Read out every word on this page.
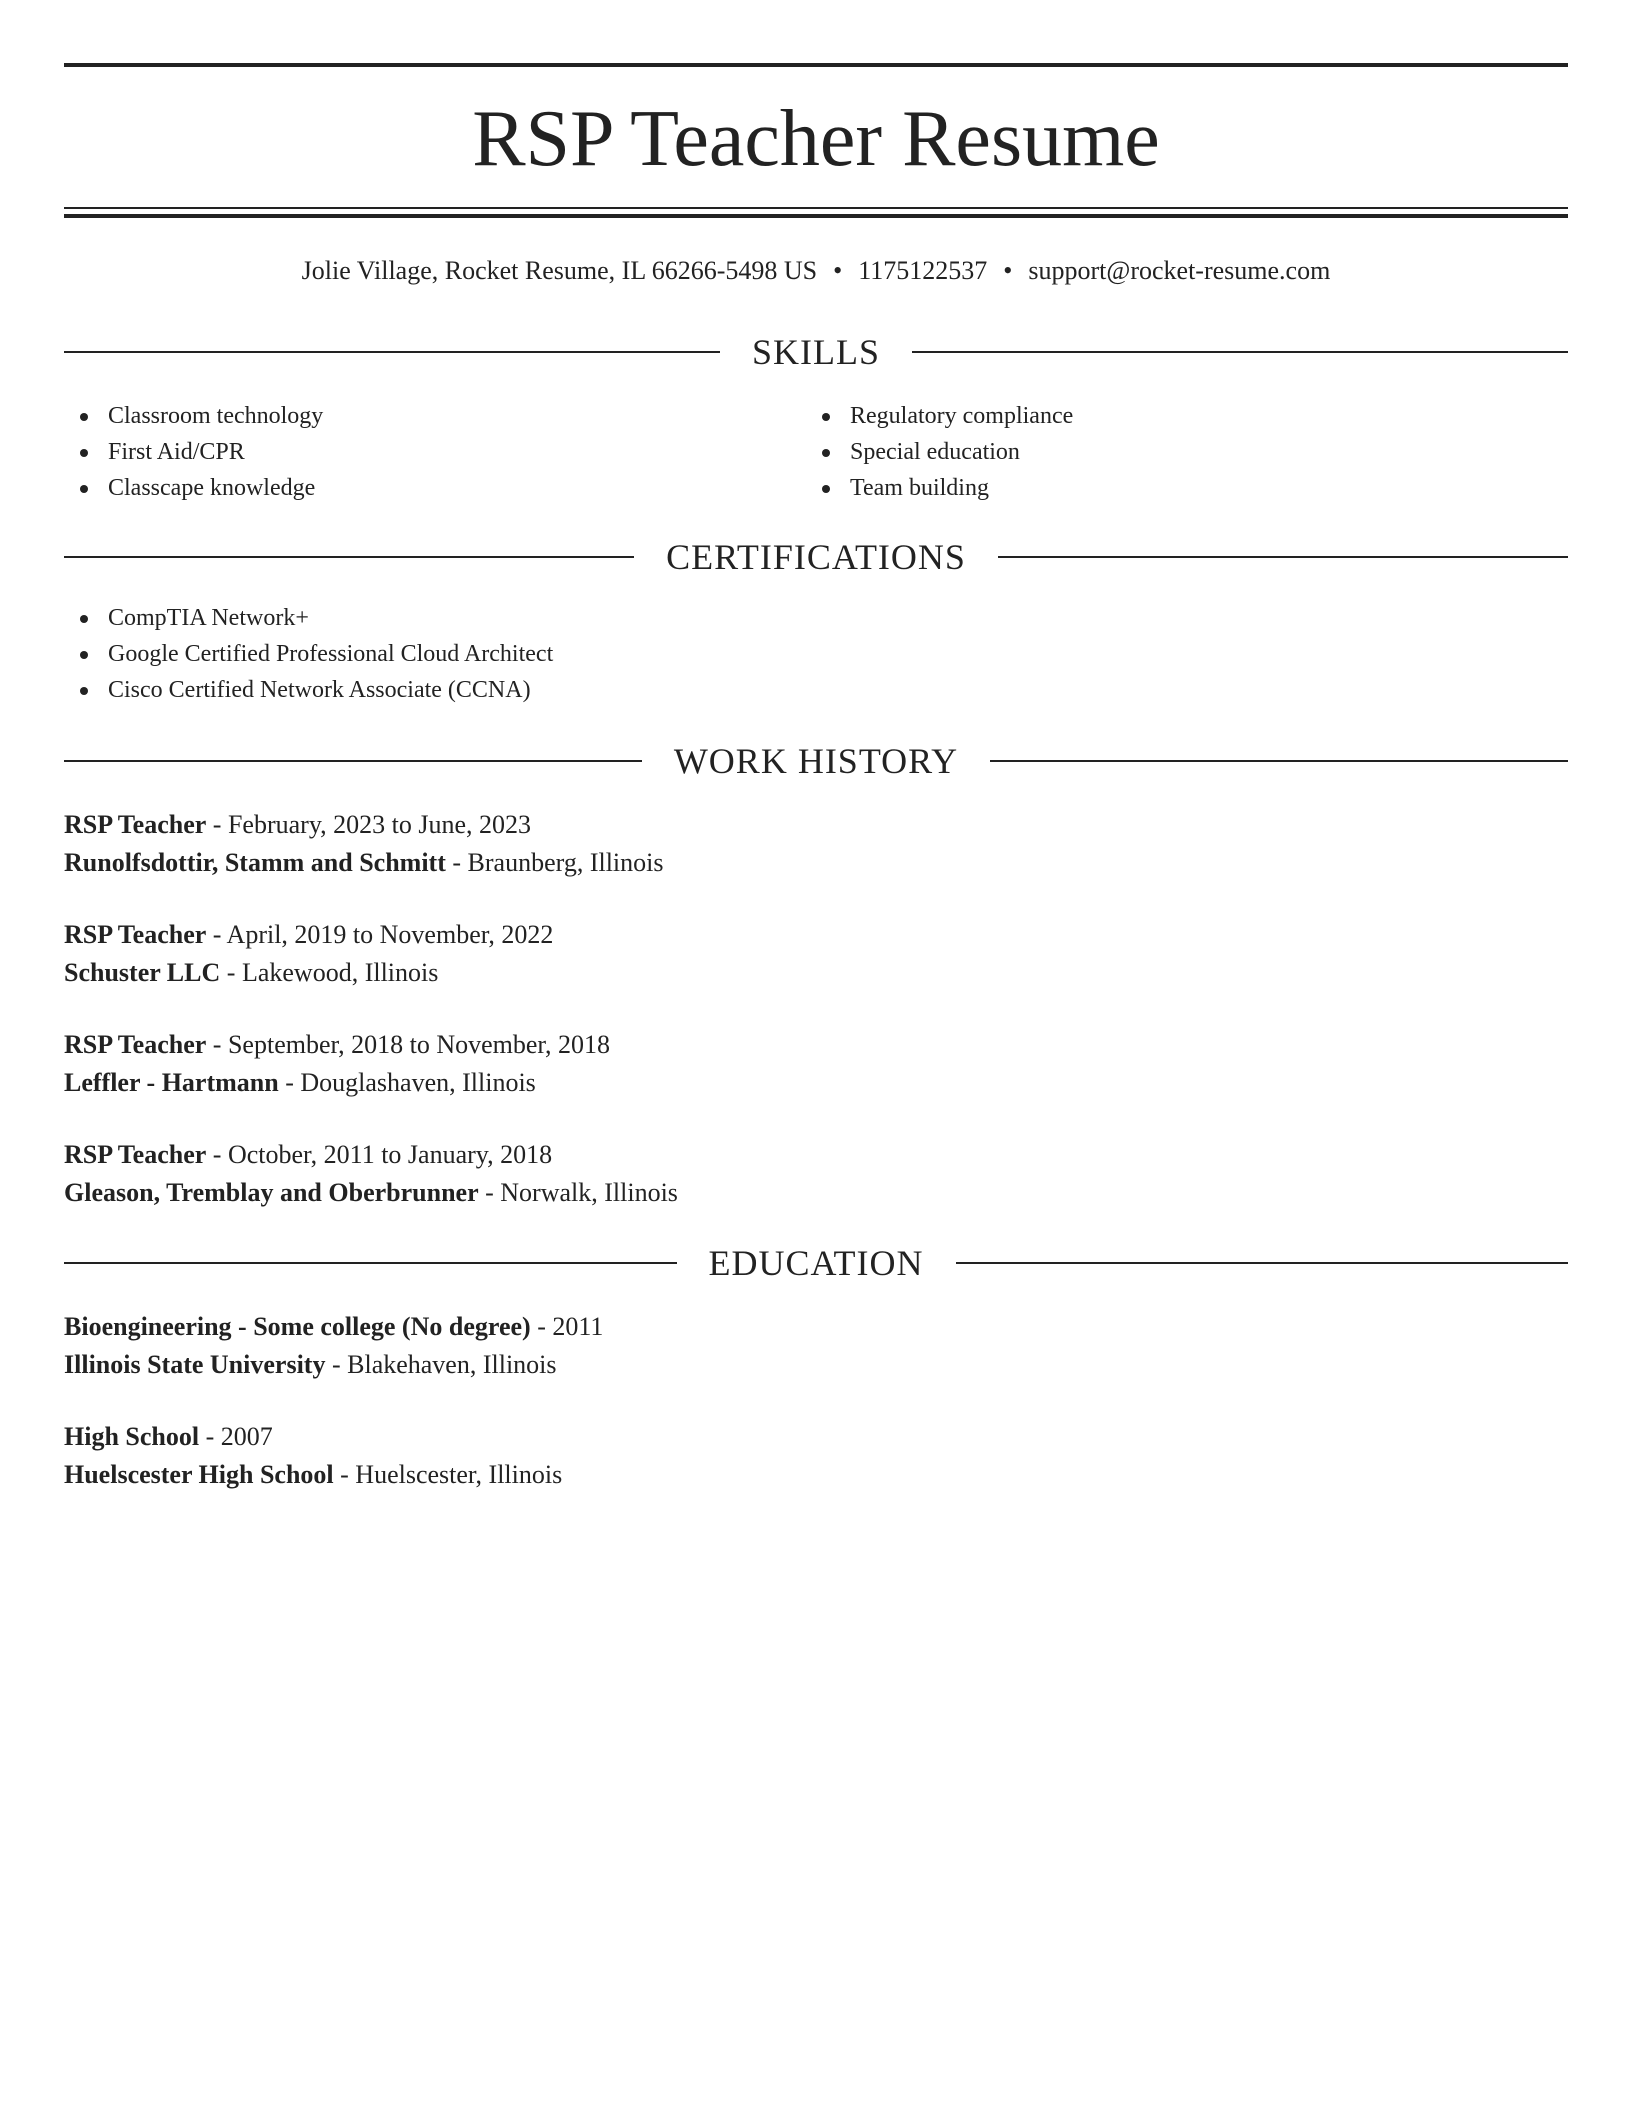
RSP Teacher Resume
Jolie Village, Rocket Resume, IL 66266-5498 US • 1175122537 • support@rocket-resume.com
SKILLS
Classroom technology
First Aid/CPR
Classcape knowledge
Regulatory compliance
Special education
Team building
CERTIFICATIONS
CompTIA Network+
Google Certified Professional Cloud Architect
Cisco Certified Network Associate (CCNA)
WORK HISTORY
RSP Teacher - February, 2023 to June, 2023
Runolfsdottir, Stamm and Schmitt - Braunberg, Illinois
RSP Teacher - April, 2019 to November, 2022
Schuster LLC - Lakewood, Illinois
RSP Teacher - September, 2018 to November, 2018
Leffler - Hartmann - Douglashaven, Illinois
RSP Teacher - October, 2011 to January, 2018
Gleason, Tremblay and Oberbrunner - Norwalk, Illinois
EDUCATION
Bioengineering - Some college (No degree) - 2011
Illinois State University - Blakehaven, Illinois
High School - 2007
Huelscester High School - Huelscester, Illinois
